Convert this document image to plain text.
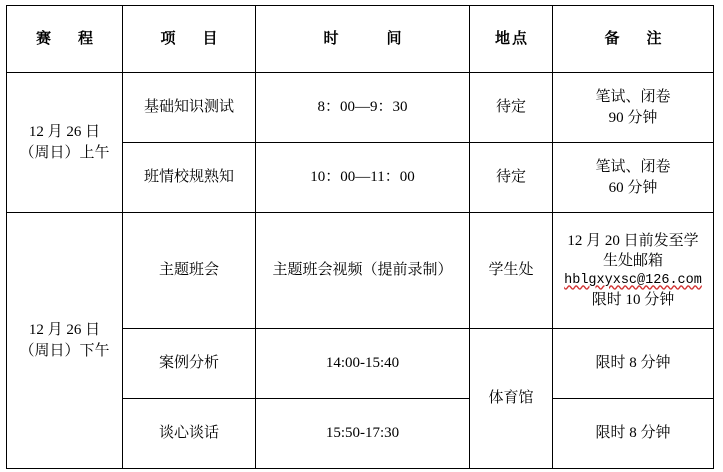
赛　程	项　目	时　　间	地点	备　注

12 月 26 日
（周日）上午	基础知识测试	8：00—9：30	待定	笔试、闭卷
90 分钟

	班情校规熟知	10：00—11：00	待定	笔试、闭卷
60 分钟

12 月 26 日
（周日）下午	主题班会	主题班会视频（提前录制）	学生处	12 月 20 日前发至学
生处邮箱
hblgxyxsc@126.com
限时 10 分钟

	案例分析	14:00-15:40	体育馆	限时 8 分钟
	谈心谈话	15:50-17:30		限时 8 分钟
